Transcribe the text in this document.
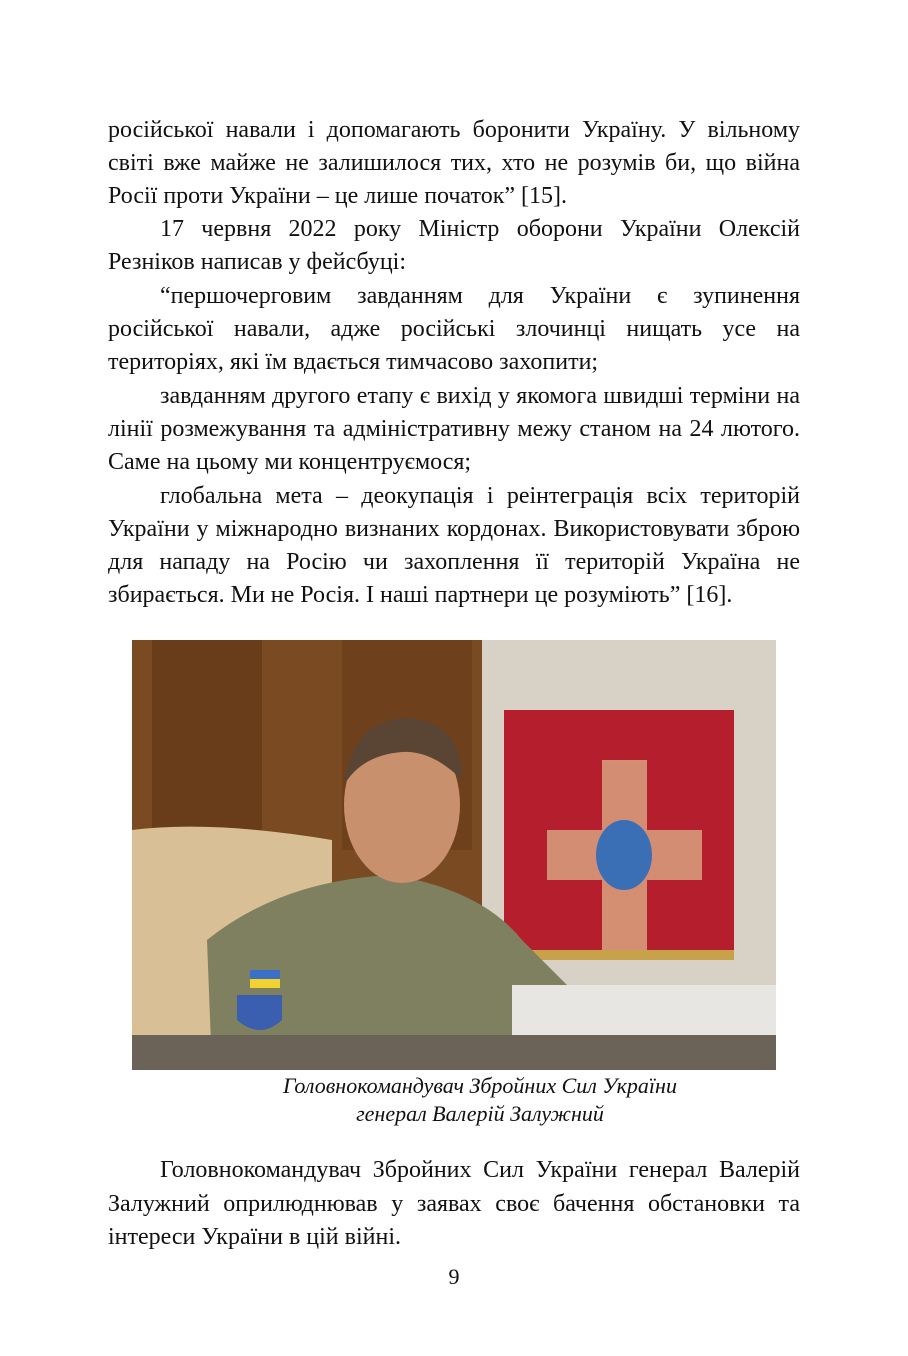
російської навали і допомагають боронити Україну. У вільному
світі вже майже не залишилося тих, хто не розумів би, що війна
Росії проти України – це лише початок” [15].
17 червня 2022 року Міністр оборони України Олексій
Резніков написав у фейсбуці:
“першочерговим завданням для України є зупинення
російської навали, адже російські злочинці нищать усе на
територіях, які їм вдається тимчасово захопити;
завданням другого етапу є вихід у якомога швидші терміни на
лінії розмежування та адміністративну межу станом на 24 лютого.
Саме на цьому ми концентруємося;
глобальна мета – деокупація і реінтеграція всіх територій
України у міжнародно визнаних кордонах. Використовувати зброю
для нападу на Росію чи захоплення її територій Україна не
збирається. Ми не Росія. І наші партнери це розуміють” [16].
Головнокомандувач Збройних Сил України
генерал Валерій Залужний
Головнокомандувач Збройних Сил України генерал Валерій
Залужний оприлюднював у заявах своє бачення обстановки та
інтереси України в цій війні.
9
